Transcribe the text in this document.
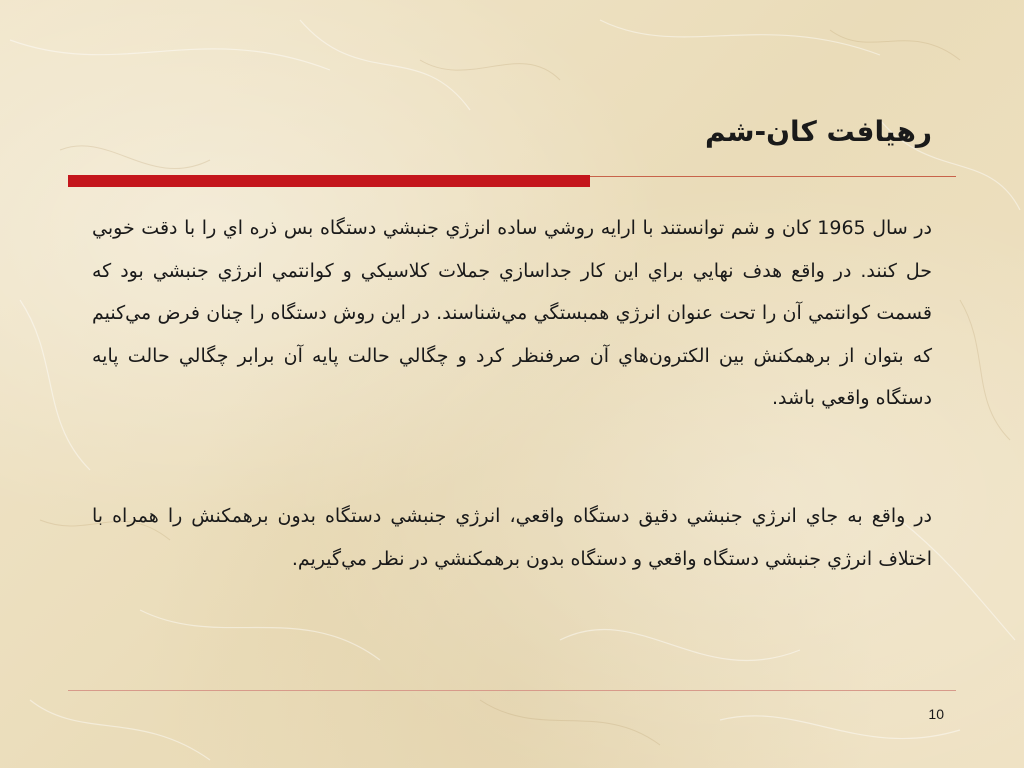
رهيافت کان-شم

در سال 1965 کان و شم توانستند با ارايه روشي ساده انرژي جنبشي دستگاه بس ذره اي را با دقت خوبي حل کنند. در واقع هدف نهايي براي اين کار جداسازي جملات کلاسيکي و کوانتمي انرژي جنبشي بود که قسمت کوانتمي آن را تحت عنوان انرژي همبستگي مي‌شناسند. در اين روش دستگاه را چنان فرض مي‌کنيم که بتوان از برهمکنش بين الکترون‌هاي آن صرفنظر کرد و چگالي حالت پايه آن برابر چگالي حالت پايه دستگاه واقعي باشد.

در واقع به جاي انرژي جنبشي دقيق دستگاه واقعي، انرژي جنبشي دستگاه بدون برهمکنش را همراه با اختلاف انرژي جنبشي دستگاه واقعي و دستگاه بدون برهمکنشي در نظر مي‌گيريم.

10
